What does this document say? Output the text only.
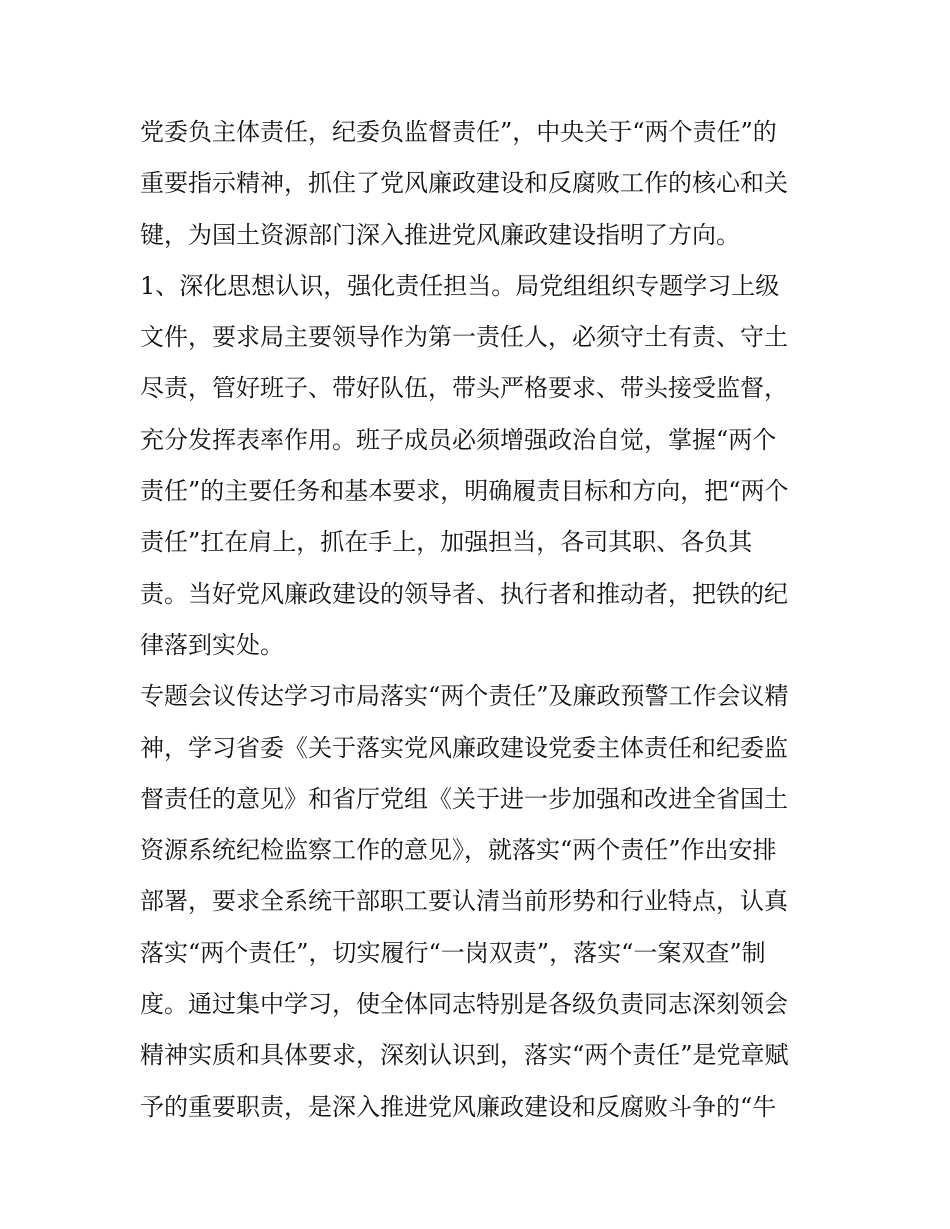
党委负主体责任，纪委负监督责任”，中央关于“两个责任”的
重要指示精神，抓住了党风廉政建设和反腐败工作的核心和关
键，为国土资源部门深入推进党风廉政建设指明了方向。
1、深化思想认识，强化责任担当。局党组组织专题学习上级
文件，要求局主要领导作为第一责任人，必须守土有责、守土
尽责，管好班子、带好队伍，带头严格要求、带头接受监督，
充分发挥表率作用。班子成员必须增强政治自觉，掌握“两个
责任”的主要任务和基本要求，明确履责目标和方向，把“两个
责任”扛在肩上，抓在手上，加强担当，各司其职、各负其
责。当好党风廉政建设的领导者、执行者和推动者，把铁的纪
律落到实处。
专题会议传达学习市局落实“两个责任”及廉政预警工作会议精
神，学习省委《关于落实党风廉政建设党委主体责任和纪委监
督责任的意见》和省厅党组《关于进一步加强和改进全省国土
资源系统纪检监察工作的意见》，就落实“两个责任”作出安排
部署，要求全系统干部职工要认清当前形势和行业特点，认真
落实“两个责任”，切实履行“一岗双责”，落实“一案双查”制
度。通过集中学习，使全体同志特别是各级负责同志深刻领会
精神实质和具体要求，深刻认识到，落实“两个责任”是党章赋
予的重要职责，是深入推进党风廉政建设和反腐败斗争的“牛
